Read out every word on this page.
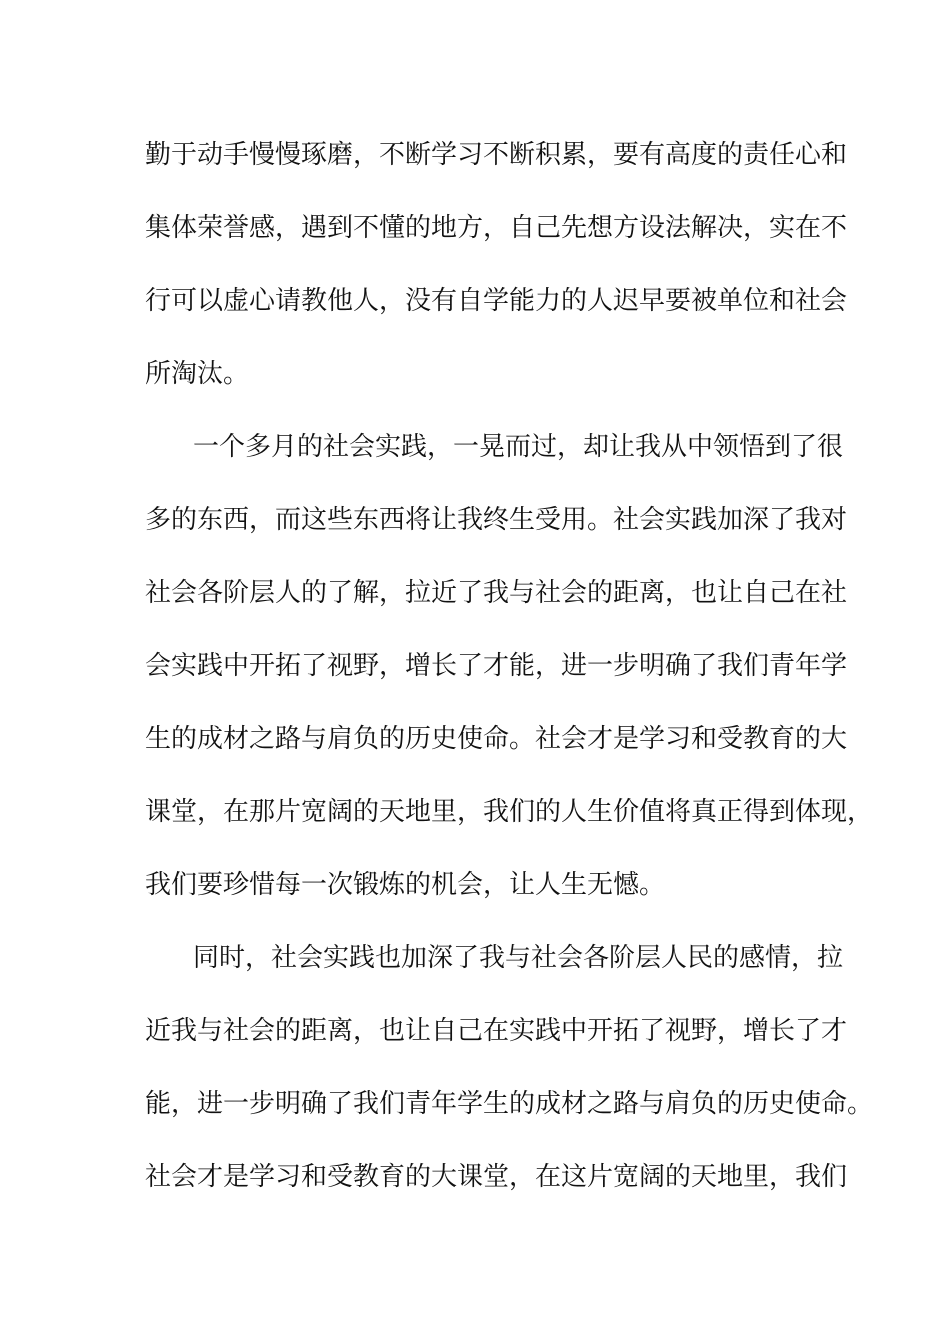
勤于动手慢慢琢磨，不断学习不断积累，要有高度的责任心和
集体荣誉感，遇到不懂的地方，自己先想方设法解决，实在不
行可以虚心请教他人，没有自学能力的人迟早要被单位和社会
所淘汰。
一个多月的社会实践，一晃而过，却让我从中领悟到了很
多的东西，而这些东西将让我终生受用。社会实践加深了我对
社会各阶层人的了解，拉近了我与社会的距离，也让自己在社
会实践中开拓了视野，增长了才能，进一步明确了我们青年学
生的成材之路与肩负的历史使命。社会才是学习和受教育的大
课堂，在那片宽阔的天地里，我们的人生价值将真正得到体现，
我们要珍惜每一次锻炼的机会，让人生无憾。
同时，社会实践也加深了我与社会各阶层人民的感情，拉
近我与社会的距离，也让自己在实践中开拓了视野，增长了才
能，进一步明确了我们青年学生的成材之路与肩负的历史使命。
社会才是学习和受教育的大课堂，在这片宽阔的天地里，我们
